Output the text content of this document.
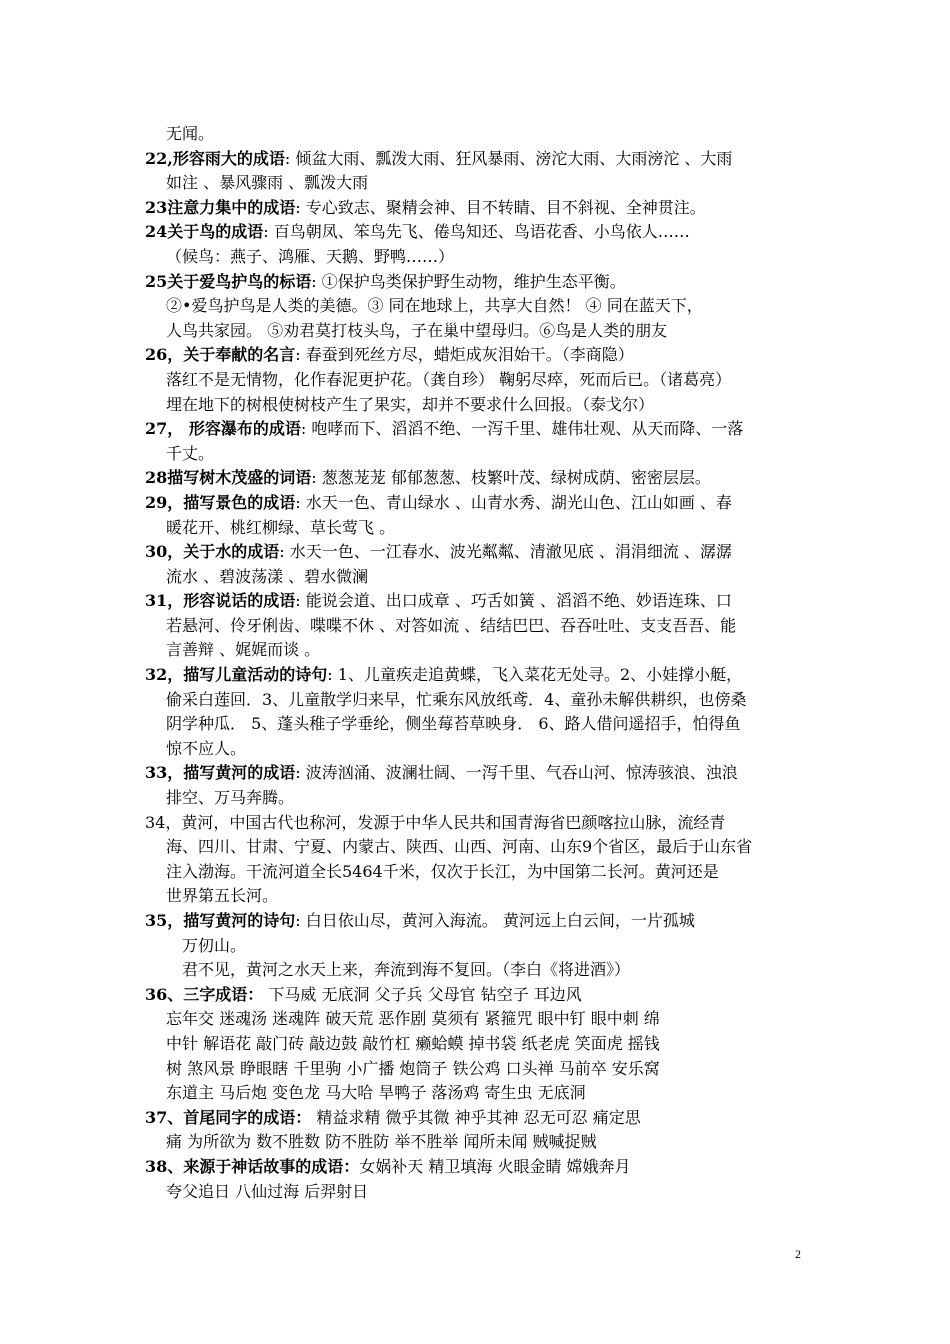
无闻。
22,形容雨大的成语: 倾盆大雨、瓢泼大雨、狂风暴雨、滂沱大雨、大雨滂沱 、大雨
如注 、暴风骤雨 、瓢泼大雨
23注意力集中的成语: 专心致志、聚精会神、目不转睛、目不斜视、全神贯注。
24关于鸟的成语: 百鸟朝凤、笨鸟先飞、倦鸟知还、鸟语花香、小鸟依人……
（候鸟：燕子、鸿雁、天鹅、野鸭……）
25关于爱鸟护鸟的标语: ①保护鸟类保护野生动物，维护生态平衡。
②•爱鸟护鸟是人类的美德。③ 同在地球上，共享大自然！ ④ 同在蓝天下，
人鸟共家园。 ⑤劝君莫打枝头鸟，子在巢中望母归。⑥鸟是人类的朋友
26，关于奉献的名言: 春蚕到死丝方尽，蜡炬成灰泪始干。（李商隐）
落红不是无情物，化作春泥更护花。（龚自珍） 鞠躬尽瘁，死而后已。（诸葛亮）
埋在地下的树根使树枝产生了果实，却并不要求什么回报。（泰戈尔）
27， 形容瀑布的成语: 咆哮而下、滔滔不绝、一泻千里、雄伟壮观、从天而降、一落
千丈。
28描写树木茂盛的词语: 葱葱茏茏 郁郁葱葱、枝繁叶茂、绿树成荫、密密层层。
29，描写景色的成语: 水天一色、青山绿水 、山青水秀、湖光山色、江山如画 、春
暖花开、桃红柳绿、草长莺飞 。
30，关于水的成语: 水天一色、一江春水、波光粼粼、清澈见底 、涓涓细流 、潺潺
流水 、碧波荡漾 、碧水微澜
31，形容说话的成语: 能说会道、出口成章 、巧舌如簧 、滔滔不绝、妙语连珠、口
若悬河、伶牙俐齿、喋喋不休 、对答如流 、结结巴巴、吞吞吐吐、支支吾吾、能
言善辩 、娓娓而谈 。
32，描写儿童活动的诗句: 1、儿童疾走追黄蝶，飞入菜花无处寻。2、小娃撑小艇，
偷采白莲回．3、儿童散学归来早，忙乘东风放纸鸢．4、童孙未解供耕织，也傍桑
阴学种瓜． 5、蓬头稚子学垂纶，侧坐莓苔草映身． 6、路人借问遥招手，怕得鱼
惊不应人。
33，描写黄河的成语: 波涛汹涌、波澜壮阔、一泻千里、气吞山河、惊涛骇浪、浊浪
排空、万马奔腾。
34，黄河，中国古代也称河，发源于中华人民共和国青海省巴颜喀拉山脉，流经青
海、四川、甘肃、宁夏、内蒙古、陕西、山西、河南、山东9个省区，最后于山东省
注入渤海。干流河道全长5464千米，仅次于长江，为中国第二长河。黄河还是
世界第五长河。
35，描写黄河的诗句: 白日依山尽，黄河入海流。 黄河远上白云间，一片孤城
万仞山。
君不见，黄河之水天上来，奔流到海不复回。（李白《将进酒》）
36、三字成语： 下马威 无底洞 父子兵 父母官 钻空子 耳边风
忘年交 迷魂汤 迷魂阵 破天荒 恶作剧 莫须有 紧箍咒 眼中钉 眼中刺 绵
中针 解语花 敲门砖 敲边鼓 敲竹杠 癞蛤蟆 掉书袋 纸老虎 笑面虎 摇钱
树 煞风景 睁眼瞎 千里驹 小广播 炮筒子 铁公鸡 口头禅 马前卒 安乐窝
东道主 马后炮 变色龙 马大哈 旱鸭子 落汤鸡 寄生虫 无底洞
37、首尾同字的成语： 精益求精 微乎其微 神乎其神 忍无可忍 痛定思
痛 为所欲为 数不胜数 防不胜防 举不胜举 闻所未闻 贼喊捉贼
38、来源于神话故事的成语：女娲补天 精卫填海 火眼金睛 嫦娥奔月
夸父追日 八仙过海 后羿射日
2
